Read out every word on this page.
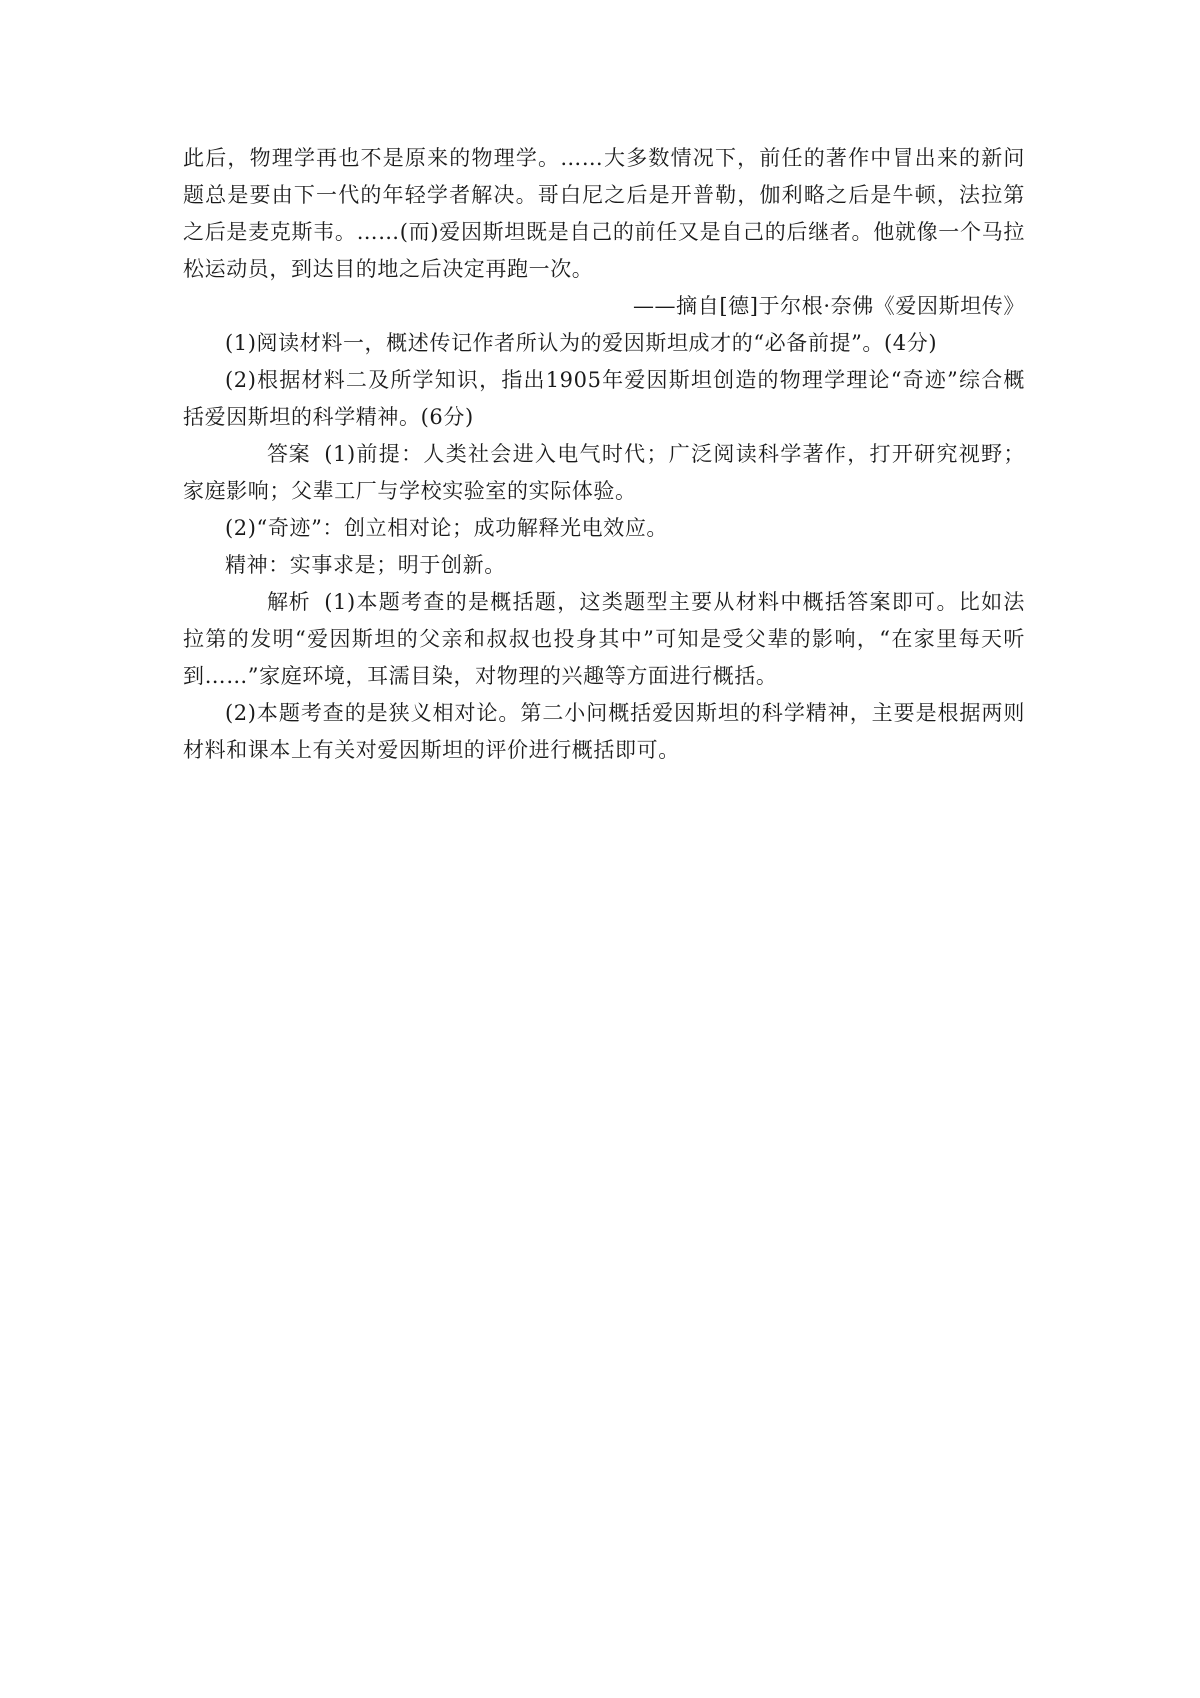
此后，物理学再也不是原来的物理学。……大多数情况下，前任的著作中冒出来的新问题总是要由下一代的年轻学者解决。哥白尼之后是开普勒，伽利略之后是牛顿，法拉第之后是麦克斯韦。……(而)爱因斯坦既是自己的前任又是自己的后继者。他就像一个马拉松运动员，到达目的地之后决定再跑一次。

——摘自[德]于尔根·奈佛《爱因斯坦传》

(1)阅读材料一，概述传记作者所认为的爱因斯坦成才的“必备前提”。(4分)

(2)根据材料二及所学知识，指出1905年爱因斯坦创造的物理学理论“奇迹”综合概括爱因斯坦的科学精神。(6分)

答案 (1)前提：人类社会进入电气时代；广泛阅读科学著作，打开研究视野；家庭影响；父辈工厂与学校实验室的实际体验。

(2)“奇迹”：创立相对论；成功解释光电效应。

精神：实事求是；明于创新。

解析 (1)本题考查的是概括题，这类题型主要从材料中概括答案即可。比如法拉第的发明“爱因斯坦的父亲和叔叔也投身其中”可知是受父辈的影响，“在家里每天听到……”家庭环境，耳濡目染，对物理的兴趣等方面进行概括。

(2)本题考查的是狭义相对论。第二小问概括爱因斯坦的科学精神，主要是根据两则材料和课本上有关对爱因斯坦的评价进行概括即可。
